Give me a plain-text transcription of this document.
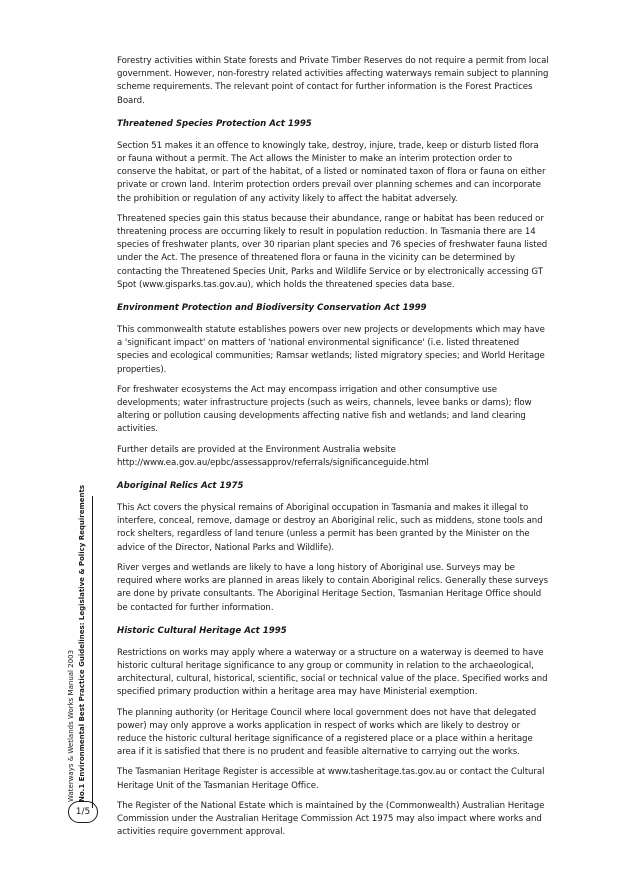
Forestry activities within State forests and Private Timber Reserves do not require a permit from local government. However, non-forestry related activities affecting waterways remain subject to planning scheme requirements. The relevant point of contact for further information is the Forest Practices Board.

Threatened Species Protection Act 1995

Section 51 makes it an offence to knowingly take, destroy, injure, trade, keep or disturb listed flora or fauna without a permit. The Act allows the Minister to make an interim protection order to conserve the habitat, or part of the habitat, of a listed or nominated taxon of flora or fauna on either private or crown land. Interim protection orders prevail over planning schemes and can incorporate the prohibition or regulation of any activity likely to affect the habitat adversely.

Threatened species gain this status because their abundance, range or habitat has been reduced or threatening process are occurring likely to result in population reduction. In Tasmania there are 14 species of freshwater plants, over 30 riparian plant species and 76 species of freshwater fauna listed under the Act. The presence of threatened flora or fauna in the vicinity can be determined by contacting the Threatened Species Unit, Parks and Wildlife Service or by electronically accessing GT Spot (www.gisparks.tas.gov.au), which holds the threatened species data base.

Environment Protection and Biodiversity Conservation Act 1999

This commonwealth statute establishes powers over new projects or developments which may have a 'significant impact' on matters of 'national environmental significance' (i.e. listed threatened species and ecological communities; Ramsar wetlands; listed migratory species; and World Heritage properties).

For freshwater ecosystems the Act may encompass irrigation and other consumptive use developments; water infrastructure projects (such as weirs, channels, levee banks or dams); flow altering or pollution causing developments affecting native fish and wetlands; and land clearing activities.

Further details are provided at the Environment Australia website http://www.ea.gov.au/epbc/assessapprov/referrals/significanceguide.html

Aboriginal Relics Act 1975

This Act covers the physical remains of Aboriginal occupation in Tasmania and makes it illegal to interfere, conceal, remove, damage or destroy an Aboriginal relic, such as middens, stone tools and rock shelters, regardless of land tenure (unless a permit has been granted by the Minister on the advice of the Director, National Parks and Wildlife).

River verges and wetlands are likely to have a long history of Aboriginal use. Surveys may be required where works are planned in areas likely to contain Aboriginal relics. Generally these surveys are done by private consultants. The Aboriginal Heritage Section, Tasmanian Heritage Office should be contacted for further information.

Historic Cultural Heritage Act 1995

Restrictions on works may apply where a waterway or a structure on a waterway is deemed to have historic cultural heritage significance to any group or community in relation to the archaeological, architectural, cultural, historical, scientific, social or technical value of the place. Specified works and specified primary production within a heritage area may have Ministerial exemption.

The planning authority (or Heritage Council where local government does not have that delegated power) may only approve a works application in respect of works which are likely to destroy or reduce the historic cultural heritage significance of a registered place or a place within a heritage area if it is satisfied that there is no prudent and feasible alternative to carrying out the works.

The Tasmanian Heritage Register is accessible at www.tasheritage.tas.gov.au or contact the Cultural Heritage Unit of the Tasmanian Heritage Office.

The Register of the National Estate which is maintained by the (Commonwealth) Australian Heritage Commission under the Australian Heritage Commission Act 1975 may also impact where works and activities require government approval.

Waterways & Wetlands Works Manual 2003 No.1 Environmental Best Practice Guidelines: Legislative & Policy Requirements
1/5
